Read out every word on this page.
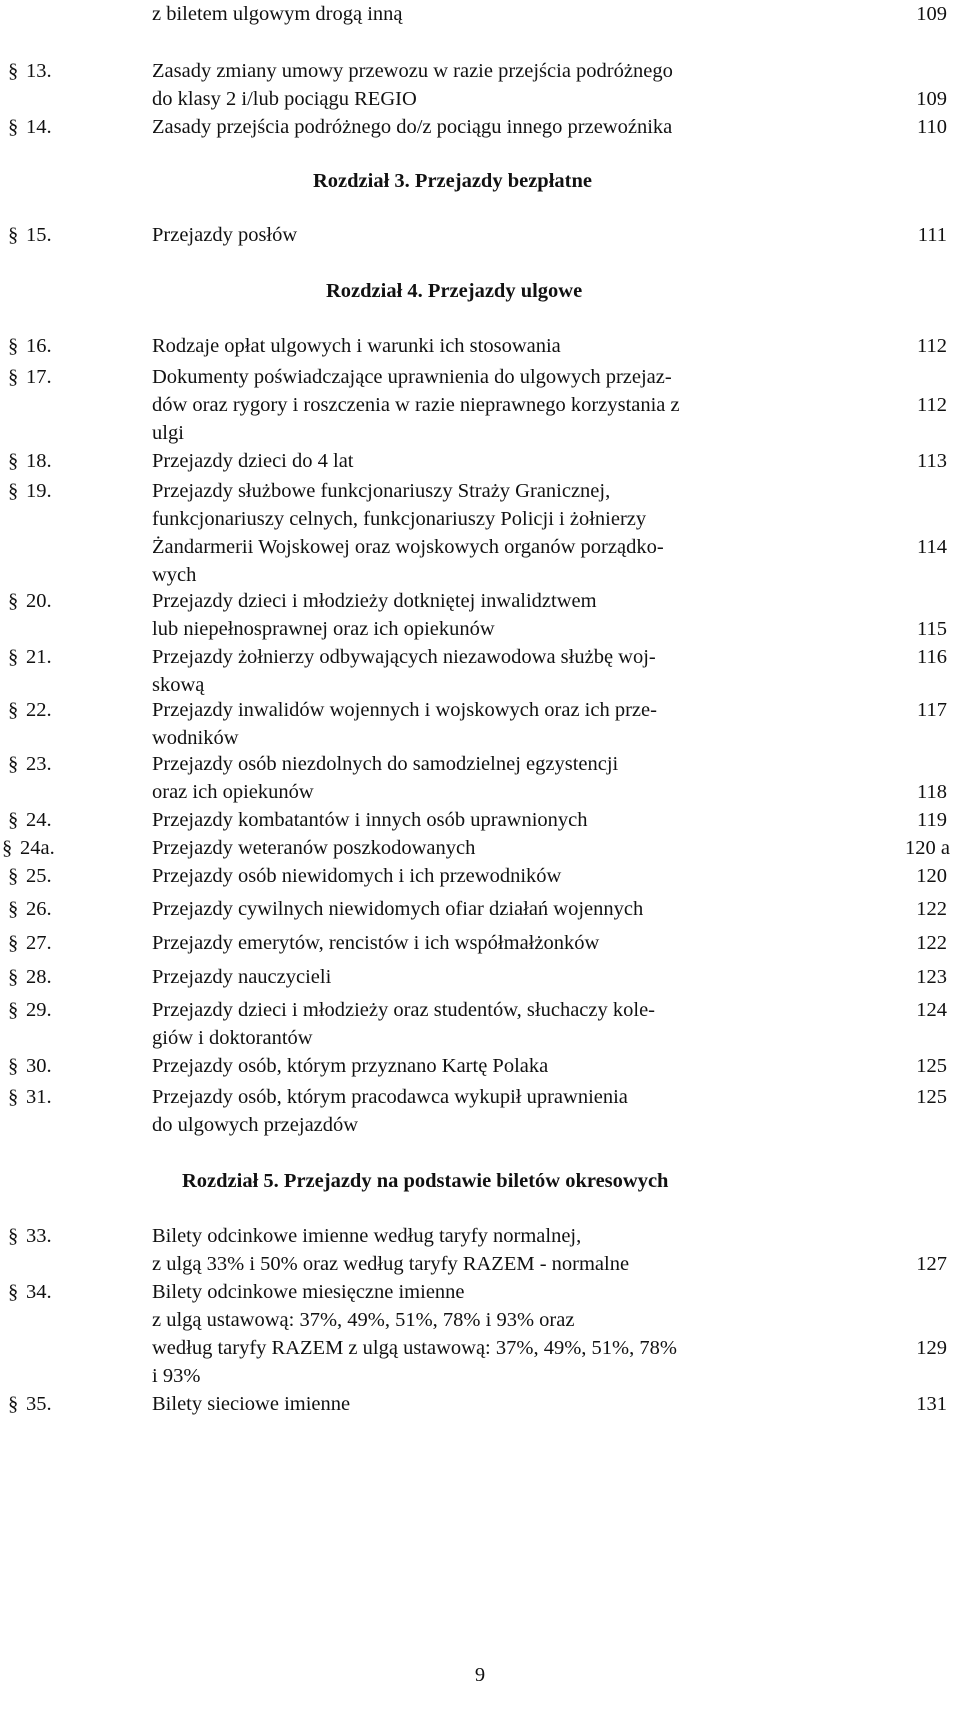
z biletem ulgowym drogą inną	109
§ 13.	Zasady zmiany umowy przewozu w razie przejścia podróżnego
do klasy 2 i/lub pociągu REGIO	109
§ 14.	Zasady przejścia podróżnego do/z pociągu innego przewoźnika	110
Rozdział 3. Przejazdy bezpłatne
§ 15.	Przejazdy posłów	111
Rozdział 4. Przejazdy ulgowe
§ 16.	Rodzaje opłat ulgowych i warunki ich stosowania	112
§ 17.	Dokumenty poświadczające uprawnienia do ulgowych przejaz-
dów oraz rygory i roszczenia w razie nieprawnego korzystania z	112
ulgi
§ 18.	Przejazdy dzieci do 4 lat	113
§ 19.	Przejazdy służbowe funkcjonariuszy Straży Granicznej,
funkcjonariuszy celnych, funkcjonariuszy Policji i żołnierzy
Żandarmerii Wojskowej oraz wojskowych organów porządko-	114
wych
§ 20.	Przejazdy dzieci i młodzieży dotkniętej inwalidztwem
lub niepełnosprawnej oraz ich opiekunów	115
§ 21.	Przejazdy żołnierzy odbywających niezawodowa służbę woj-	116
skową
§ 22.	Przejazdy inwalidów wojennych i wojskowych oraz ich prze-	117
wodników
§ 23.	Przejazdy osób niezdolnych do samodzielnej egzystencji
oraz ich opiekunów	118
§ 24.	Przejazdy kombatantów i innych osób uprawnionych	119
§ 24a.	Przejazdy weteranów poszkodowanych	120 a
§ 25.	Przejazdy osób niewidomych i ich przewodników	120
§ 26.	Przejazdy cywilnych niewidomych ofiar działań wojennych	122
§ 27.	Przejazdy emerytów, rencistów i ich współmałżonków	122
§ 28.	Przejazdy nauczycieli	123
§ 29.	Przejazdy dzieci i młodzieży oraz studentów, słuchaczy kole-	124
giów i doktorantów
§ 30.	Przejazdy osób, którym przyznano Kartę Polaka	125
§ 31.	Przejazdy osób, którym pracodawca wykupił uprawnienia	125
do ulgowych przejazdów
Rozdział 5. Przejazdy na podstawie biletów okresowych
§ 33.	Bilety odcinkowe imienne według taryfy normalnej,
z ulgą 33% i 50% oraz według taryfy RAZEM - normalne	127
§ 34.	Bilety odcinkowe miesięczne imienne
z ulgą ustawową: 37%, 49%, 51%, 78% i 93% oraz
według taryfy RAZEM z ulgą ustawową: 37%, 49%, 51%, 78%	129
i 93%
§ 35.	Bilety sieciowe imienne	131
9
